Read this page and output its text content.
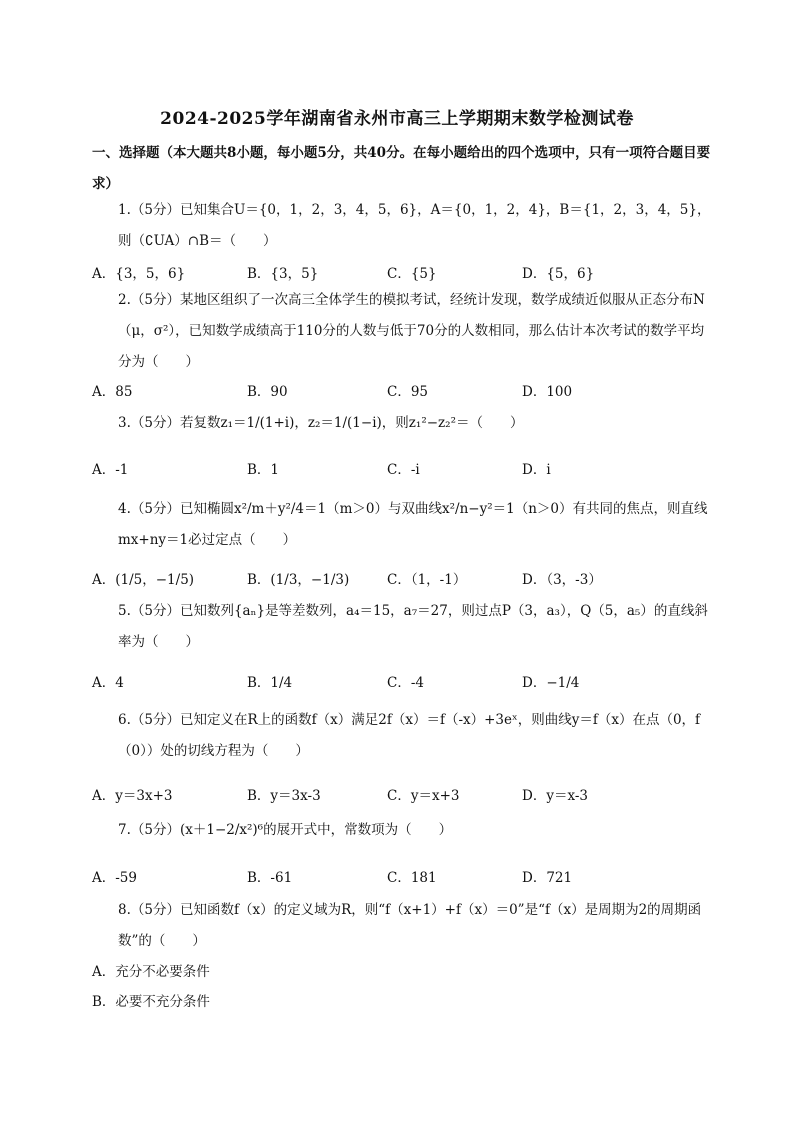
2024-2025学年湖南省永州市高三上学期期末数学检测试卷
一、选择题（本大题共8小题，每小题5分，共40分。在每小题给出的四个选项中，只有一项符合题目要求）
1.（5分）已知集合U＝{0，1，2，3，4，5，6}，A＝{0，1，2，4}，B＝{1，2，3，4，5}，则（∁UA）∩B＝（　　）
A．{3，5，6}	B．{3，5}	C．{5}	D．{5，6}
2.（5分）某地区组织了一次高三全体学生的模拟考试，经统计发现，数学成绩近似服从正态分布N（μ，σ²），已知数学成绩高于110分的人数与低于70分的人数相同，那么估计本次考试的数学平均分为（　　）
A．85	B．90	C．95	D．100
3.（5分）若复数z₁＝1/(1+i)，z₂＝1/(1−i)，则z₁²−z₂²＝（　　）
A．-1	B．1	C．-i	D．i
4.（5分）已知椭圆x²/m＋y²/4＝1（m＞0）与双曲线x²/n−y²＝1（n＞0）有共同的焦点，则直线mx+ny＝1必过定点（　　）
A．(1/5，−1/5)	B．(1/3，−1/3)	C．（1，-1）	D．（3，-3）
5.（5分）已知数列{aₙ}是等差数列，a₄＝15，a₇＝27，则过点P（3，a₃），Q（5，a₅）的直线斜率为（　　）
A．4	B．1/4	C．-4	D．−1/4
6.（5分）已知定义在R上的函数f（x）满足2f（x）＝f（-x）+3eˣ，则曲线y＝f（x）在点（0，f（0））处的切线方程为（　　）
A．y＝3x+3	B．y＝3x-3	C．y＝x+3	D．y＝x-3
7.（5分）(x＋1−2/x²)⁶的展开式中，常数项为（　　）
A．-59	B．-61	C．181	D．721
8.（5分）已知函数f（x）的定义域为R，则“f（x+1）+f（x）＝0”是“f（x）是周期为2的周期函数”的（　　）
A．充分不必要条件
B．必要不充分条件
